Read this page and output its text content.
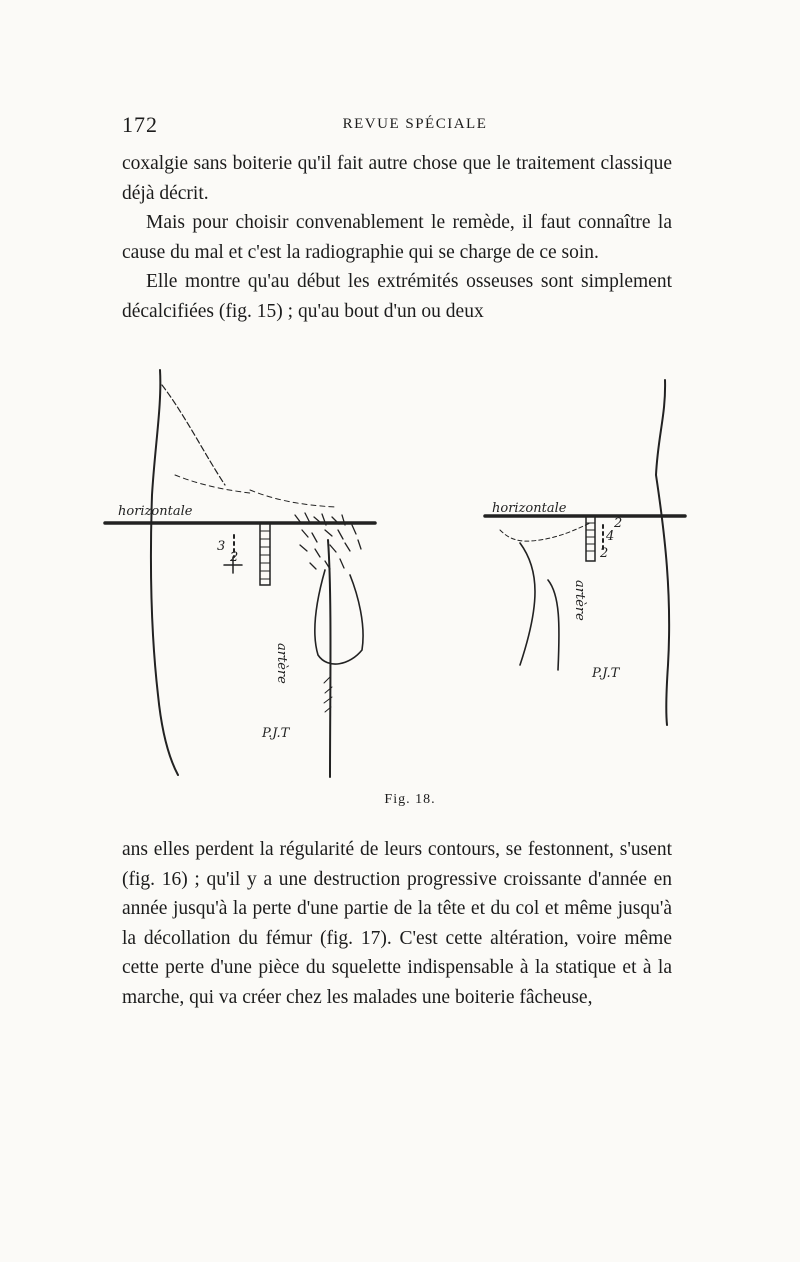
172	REVUE SPÉCIALE

coxalgie sans boiterie qu'il fait autre chose que le traitement classique déjà décrit.

Mais pour choisir convenablement le remède, il faut connaître la cause du mal et c'est la radiographie qui se charge de ce soin.

Elle montre qu'au début les extrémités osseuses sont simplement décalcifiées (fig. 15) ; qu'au bout d'un ou deux

horizontale
3
2
artère
P.J.T
horizontale
2
4
2
artère
P.J.T
Fig. 18.

ans elles perdent la régularité de leurs contours, se festonnent, s'usent (fig. 16) ; qu'il y a une destruction progressive croissante d'année en année jusqu'à la perte d'une partie de la tête et du col et même jusqu'à la décollation du fémur (fig. 17). C'est cette altération, voire même cette perte d'une pièce du squelette indispensable à la statique et à la marche, qui va créer chez les malades une boiterie fâcheuse,
